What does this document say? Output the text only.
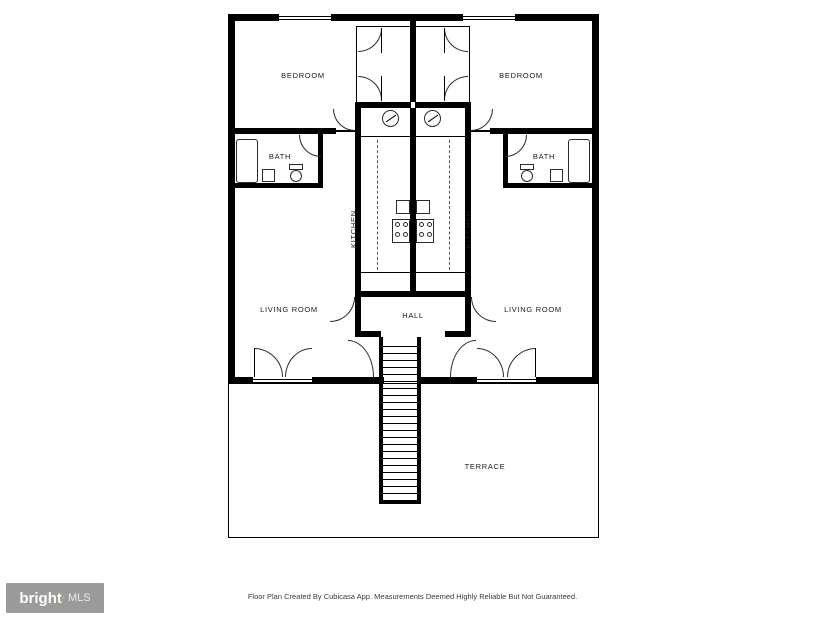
TERRACE
BEDROOM	BEDROOM
BATH	BATH
KITCHEN	KITCHEN
LIVING ROOM	LIVING ROOM
HALL
Floor Plan Created By Cubicasa App. Measurements Deemed Highly Reliable But Not Guaranteed.
bright • MLS
